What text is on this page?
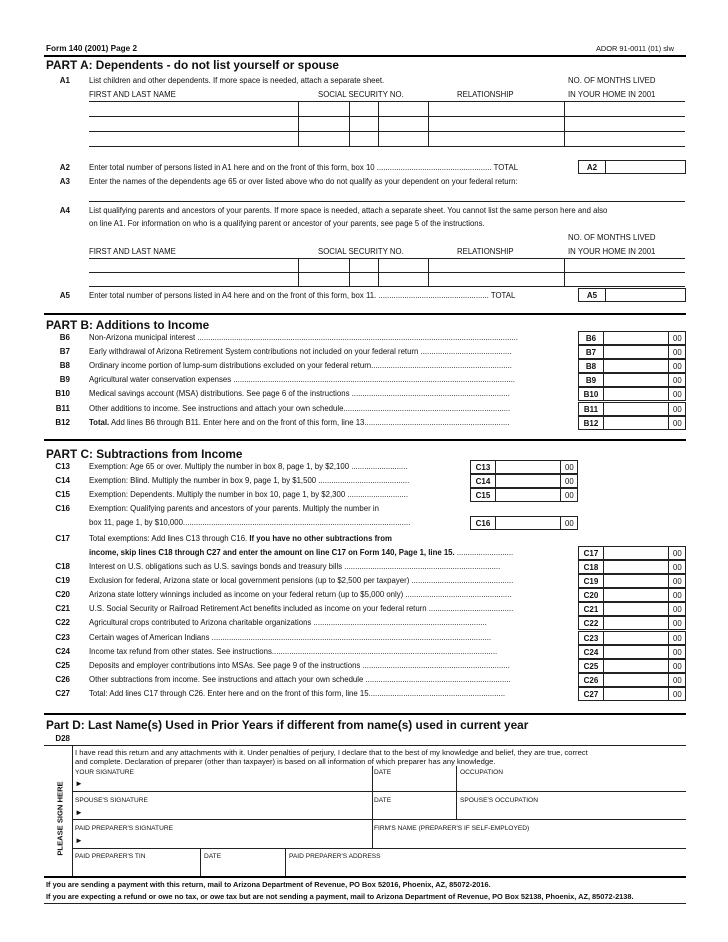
Form 140 (2001) Page 2	ADOR 91-0011 (01) slw
PART A: Dependents - do not list yourself or spouse
A1 List children and other dependents. If more space is needed, attach a separate sheet.	NO. OF MONTHS LIVED
FIRST AND LAST NAME	SOCIAL SECURITY NO.	RELATIONSHIP	IN YOUR HOME IN 2001
A2 Enter total number of persons listed in A1 here and on the front of this form, box 10 ..................................................... TOTAL	A2
A3 Enter the names of the dependents age 65 or over listed above who do not qualify as your dependent on your federal return:
A4 List qualifying parents and ancestors of your parents. If more space is needed, attach a separate sheet. You cannot list the same person here and also
on line A1. For information on who is a qualifying parent or ancestor of your parents, see page 5 of the instructions.
NO. OF MONTHS LIVED
FIRST AND LAST NAME	SOCIAL SECURITY NO.	RELATIONSHIP	IN YOUR HOME IN 2001
A5 Enter total number of persons listed in A4 here and on the front of this form, box 11. ................................................... TOTAL	A5
PART B: Additions to Income
B6 Non-Arizona municipal interest ....................................................................................................................................................	B6	00
B7 Early withdrawal of Arizona Retirement System contributions not included on your federal return ..........................................	B7	00
B8 Ordinary income portion of lump-sum distributions excluded on your federal return.................................................................	B8	00
B9 Agricultural water conservation expenses ..................................................................................................................................	B9	00
B10 Medical savings account (MSA) distributions. See page 6 of the instructions .........................................................................	B10	00
B11 Other additions to income. See instructions and attach your own schedule.............................................................................	B11	00
B12 Total. Add lines B6 through B11. Enter here and on the front of this form, line 13...................................................................	B12	00
PART C: Subtractions from Income
C13 Exemption: Age 65 or over. Multiply the number in box 8, page 1, by $2,100 ..........................	C13	00
C14 Exemption: Blind. Multiply the number in box 9, page 1, by $1,500 ..........................................	C14	00
C15 Exemption: Dependents. Multiply the number in box 10, page 1, by $2,300 ............................	C15	00
C16 Exemption: Qualifying parents and ancestors of your parents. Multiply the number in
box 11, page 1, by $10,000.........................................................................................................	C16	00
C17 Total exemptions: Add lines C13 through C16. If you have no other subtractions from
income, skip lines C18 through C27 and enter the amount on line C17 on Form 140, Page 1, line 15. ..........................	C17	00
C18 Interest on U.S. obligations such as U.S. savings bonds and treasury bills ........................................................................	C18	00
C19 Exclusion for federal, Arizona state or local government pensions (up to $2,500 per taxpayer) ...............................................	C19	00
C20 Arizona state lottery winnings included as income on your federal return (up to $5,000 only) .................................................	C20	00
C21 U.S. Social Security or Railroad Retirement Act benefits included as income on your federal return .......................................	C21	00
C22 Agricultural crops contributed to Arizona charitable organizations ................................................................................	C22	00
C23 Certain wages of American Indians .................................................................................................................................	C23	00
C24 Income tax refund from other states. See instructions........................................................................................................	C24	00
C25 Deposits and employer contributions into MSAs. See page 9 of the instructions ....................................................................	C25	00
C26 Other subtractions from income. See instructions and attach your own schedule ...................................................................	C26	00
C27 Total: Add lines C17 through C26. Enter here and on the front of this form, line 15...............................................................	C27	00
Part D: Last Name(s) Used in Prior Years if different from name(s) used in current year
D28
PLEASE SIGN HERE
I have read this return and any attachments with it. Under penalties of perjury, I declare that to the best of my knowledge and belief, they are true, correct
and complete. Declaration of preparer (other than taxpayer) is based on all information of which preparer has any knowledge.
YOUR SIGNATURE	DATE	OCCUPATION
►
SPOUSE'S SIGNATURE	DATE	SPOUSE'S OCCUPATION
►
PAID PREPARER'S SIGNATURE	FIRM'S NAME (PREPARER'S IF SELF-EMPLOYED)
►
PAID PREPARER'S TIN	DATE	PAID PREPARER'S ADDRESS
If you are sending a payment with this return, mail to Arizona Department of Revenue, PO Box 52016, Phoenix, AZ, 85072-2016.
If you are expecting a refund or owe no tax, or owe tax but are not sending a payment, mail to Arizona Department of Revenue, PO Box 52138, Phoenix, AZ, 85072-2138.
